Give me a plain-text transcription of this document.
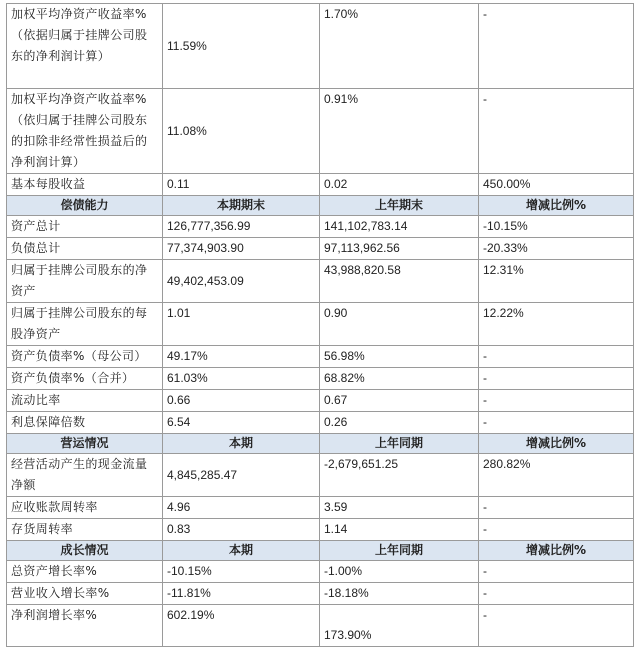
加权平均净资产收益率%（依据归属于挂牌公司股东的净利润计算）	11.59%	1.70%	-
加权平均净资产收益率%（依归属于挂牌公司股东的扣除非经常性损益后的净利润计算）	11.08%	0.91%	-
基本每股收益	0.11	0.02	450.00%
偿债能力	本期期末	上年期末	增减比例%
资产总计	126,777,356.99	141,102,783.14	-10.15%
负债总计	77,374,903.90	97,113,962.56	-20.33%
归属于挂牌公司股东的净资产	49,402,453.09	43,988,820.58	12.31%
归属于挂牌公司股东的每股净资产	1.01	0.90	12.22%
资产负债率%（母公司）	49.17%	56.98%	-
资产负债率%（合并）	61.03%	68.82%	-
流动比率	0.66	0.67	-
利息保障倍数	6.54	0.26	-
营运情况	本期	上年同期	增减比例%
经营活动产生的现金流量净额	4,845,285.47	-2,679,651.25	280.82%
应收账款周转率	4.96	3.59	-
存货周转率	0.83	1.14	-
成长情况	本期	上年同期	增减比例%
总资产增长率%	-10.15%	-1.00%	-
营业收入增长率%	-11.81%	-18.18%	-
净利润增长率%	602.19%	173.90%	-
